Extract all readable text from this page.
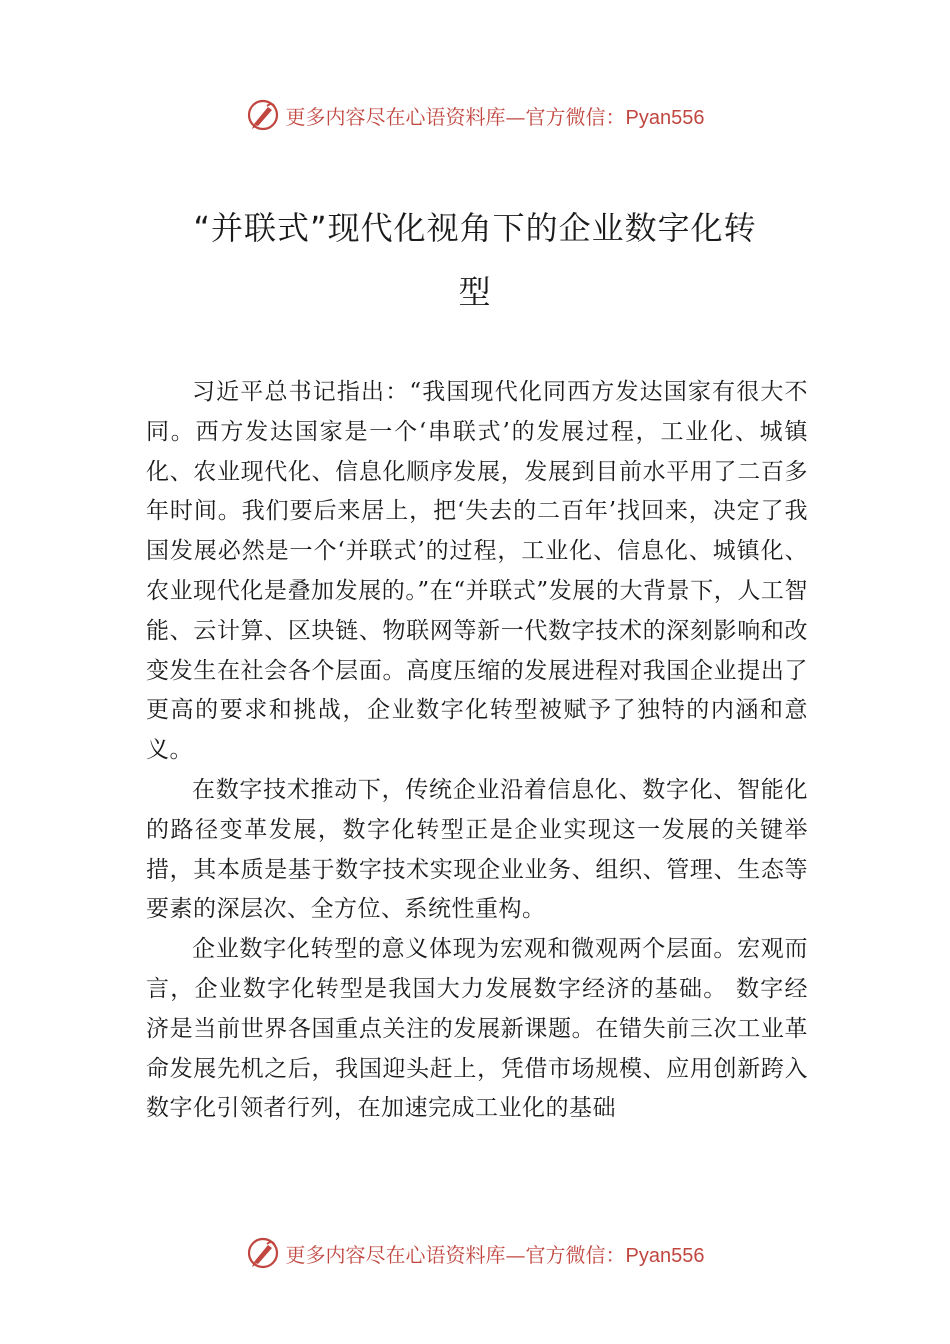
更多内容尽在心语资料库—官方微信：Pyan556
“并联式”现代化视角下的企业数字化转
型

习近平总书记指出：“我国现代化同西方发达国家有很大不同。西方发达国家是一个‘串联式’的发展过程，工业化、城镇化、农业现代化、信息化顺序发展，发展到目前水平用了二百多年时间。我们要后来居上，把‘失去的二百年’找回来，决定了我国发展必然是一个‘并联式’的过程，工业化、信息化、城镇化、农业现代化是叠加发展的。”在“并联式”发展的大背景下，人工智能、云计算、区块链、物联网等新一代数字技术的深刻影响和改变发生在社会各个层面。高度压缩的发展进程对我国企业提出了更高的要求和挑战，企业数字化转型被赋予了独特的内涵和意义。

在数字技术推动下，传统企业沿着信息化、数字化、智能化的路径变革发展，数字化转型正是企业实现这一发展的关键举措，其本质是基于数字技术实现企业业务、组织、管理、生态等要素的深层次、全方位、系统性重构。

企业数字化转型的意义体现为宏观和微观两个层面。宏观而言，企业数字化转型是我国大力发展数字经济的基础。 数字经济是当前世界各国重点关注的发展新课题。在错失前三次工业革命发展先机之后，我国迎头赶上，凭借市场规模、应用创新跨入数字化引领者行列，在加速完成工业化的基础

更多内容尽在心语资料库—官方微信：Pyan556
